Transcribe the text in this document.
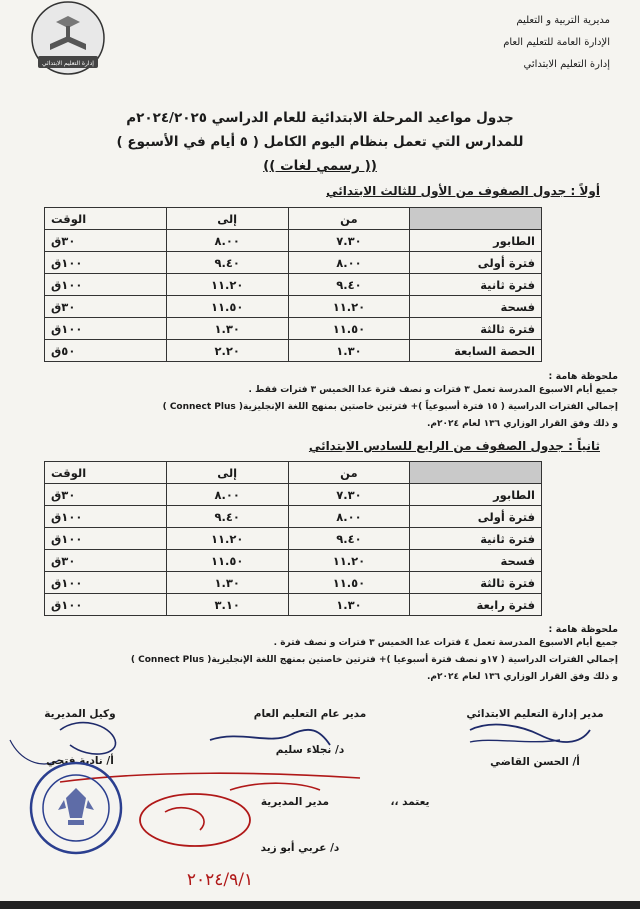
مديرية التربية و التعليم
الإدارة العامة للتعليم العام
إدارة التعليم الابتدائي
إدارة التعليم الابتدائي
جدول مواعيد المرحلة الابتدائية للعام الدراسي ٢٠٢٤/٢٠٢٥م
للمدارس التي تعمل بنظام اليوم الكامل ( ٥ أيام في الأسبوع )
(( رسمي لغات ))
أولاً : جدول الصفوف من الأول للثالث الابتدائي
	من	إلى	الوقت
الطابور	٧.٣٠	٨.٠٠	٣٠ق
فترة أولى	٨.٠٠	٩.٤٠	١٠٠ق
فترة ثانية	٩.٤٠	١١.٢٠	١٠٠ق
فسحة	١١.٢٠	١١.٥٠	٣٠ق
فترة ثالثة	١١.٥٠	١.٣٠	١٠٠ق
الحصة السابعة	١.٣٠	٢.٢٠	٥٠ق
ملحوظة هامة :
جميع أيام الاسبوع المدرسة تعمل ٣ فترات و نصف فترة عدا الخميس ٣ فترات فقط .
إجمالي الفترات الدراسية ( ١٥ فترة أسبوعياً )+ فترتين خاصتين بمنهج اللغة الإنجليزية( Connect Plus )
و ذلك وفق القرار الوزاري ١٣٦ لعام ٢٠٢٤م.
ثانياً : جدول الصفوف من الرابع للسادس الابتدائي
	من	إلى	الوقت
الطابور	٧.٣٠	٨.٠٠	٣٠ق
فترة أولى	٨.٠٠	٩.٤٠	١٠٠ق
فترة ثانية	٩.٤٠	١١.٢٠	١٠٠ق
فسحة	١١.٢٠	١١.٥٠	٣٠ق
فترة ثالثة	١١.٥٠	١.٣٠	١٠٠ق
فترة رابعة	١.٣٠	٣.١٠	١٠٠ق
ملحوظة هامة :
جميع أيام الاسبوع المدرسة تعمل ٤ فترات عدا الخميس ٣ فترات و نصف فترة .
إجمالي الفترات الدراسية ( ١٧و نصف فترة أسبوعيا )+ فترتين خاصتين بمنهج اللغة الإنجليزية( Connect Plus )
و ذلك وفق القرار الوزاري ١٣٦ لعام ٢٠٢٤م.
مدير إدارة التعليم الابتدائي
مدير عام التعليم العام
وكيل المديرية
أ/ الحسن القاضي
د/ نجلاء سليم
أ/ نادية فتحي
يعتمد ،،
مدير المديرية
د/ عربي أبو زيد
٢٠٢٤/٩/١
